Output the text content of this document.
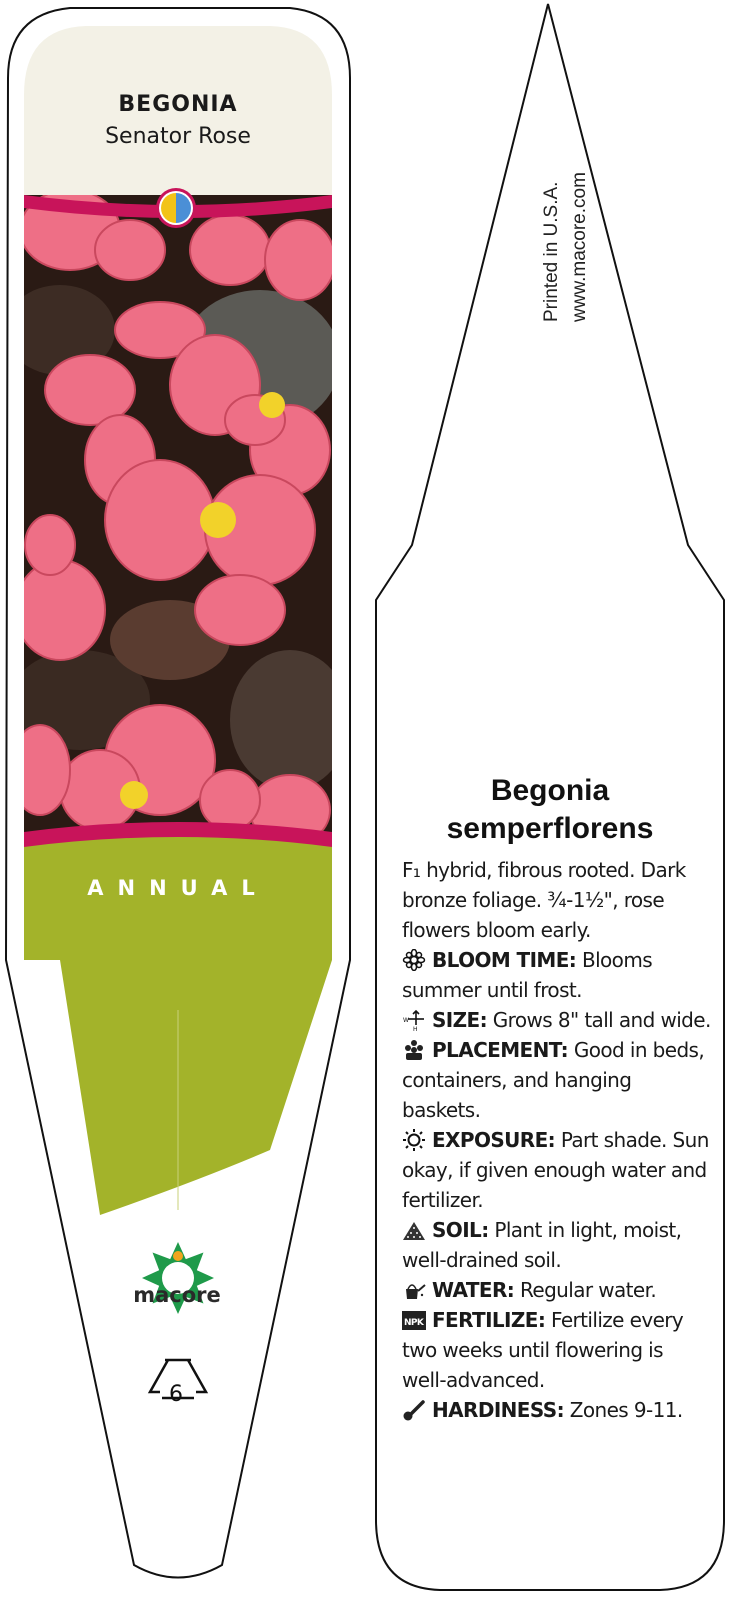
BEGONIA
Senator Rose
ANNUAL
macore
6
Printed in U.S.A. www.macore.com
Begonia
semperflorens

F₁ hybrid, fibrous rooted. Dark bronze foliage. ¾-1½", rose flowers bloom early.

BLOOM TIME: Blooms summer until frost.

W
H SIZE: Grows 8" tall and wide.

PLACEMENT: Good in beds, containers, and hanging baskets.

EXPOSURE: Part shade. Sun okay, if given enough water and fertilizer.

SOIL: Plant in light, moist, well-drained soil.

WATER: Regular water.

NPK FERTILIZE: Fertilize every two weeks until flowering is well-advanced.

HARDINESS: Zones 9-11.
